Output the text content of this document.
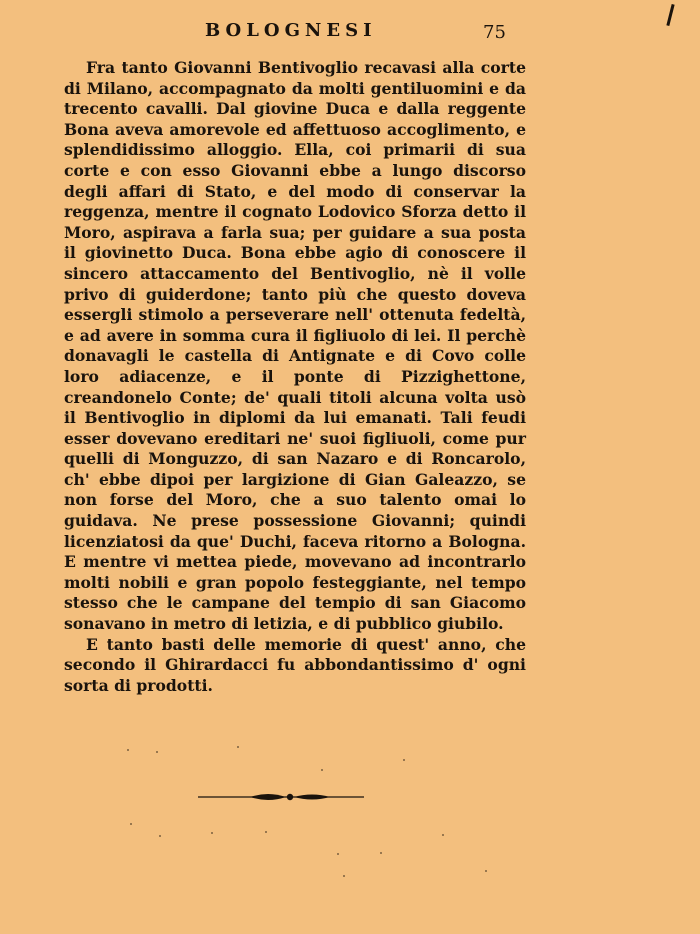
BOLOGNESI	75

Fra tanto Giovanni Bentivoglio recavasi alla corte di Milano, accompagnato da molti gentiluomini e da trecento cavalli. Dal giovine Duca e dalla reggente Bona aveva amorevole ed affettuoso accoglimento, e splendidissimo alloggio. Ella, coi primarii di sua corte e con esso Giovanni ebbe a lungo discorso degli affari di Stato, e del modo di conservar la reggenza, mentre il cognato Lodovico Sforza detto il Moro, aspirava a farla sua; per guidare a sua posta il giovinetto Duca. Bona ebbe agio di conoscere il sincero attaccamento del Bentivoglio, nè il volle privo di guiderdone; tanto più che questo doveva essergli stimolo a perseverare nell' ottenuta fedeltà, e ad avere in somma cura il figliuolo di lei. Il perchè donavagli le castella di Antignate e di Covo colle loro adiacenze, e il ponte di Pizzighettone, creandonelo Conte; de' quali titoli alcuna volta usò il Bentivoglio in diplomi da lui emanati. Tali feudi esser dovevano ereditari ne' suoi figliuoli, come pur quelli di Monguzzo, di san Nazaro e di Roncarolo, ch' ebbe dipoi per largizione di Gian Galeazzo, se non forse del Moro, che a suo talento omai lo guidava. Ne prese possessione Giovanni; quindi licenziatosi da que' Duchi, faceva ritorno a Bologna. E mentre vi mettea piede, movevano ad incontrarlo molti nobili e gran popolo festeggiante, nel tempo stesso che le campane del tempio di san Giacomo sonavano in metro di letizia, e di pubblico giubilo.

E tanto basti delle memorie di quest' anno, che secondo il Ghirardacci fu abbondantissimo d' ogni sorta di prodotti.
